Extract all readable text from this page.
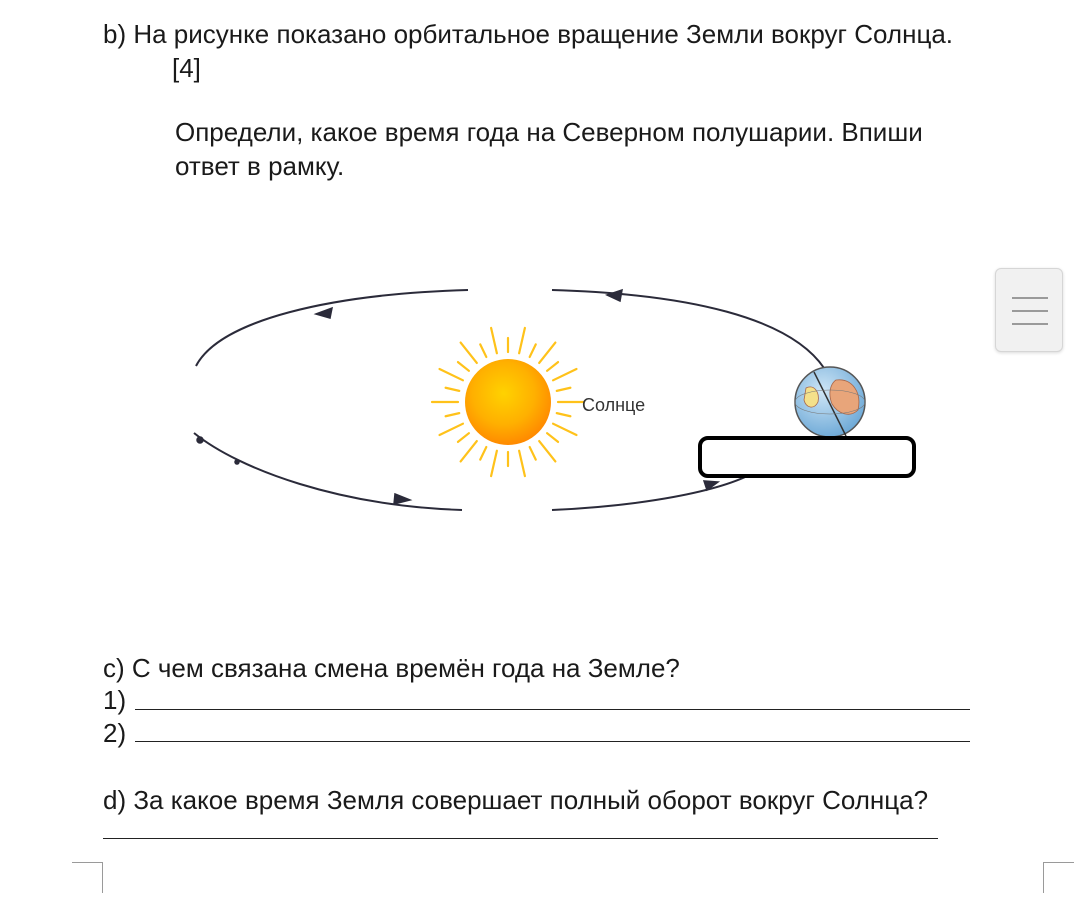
b) На рисунке показано орбитальное вращение Земли вокруг Солнца.
[4]
Определи, какое время года на Северном полушарии. Впиши
ответ в рамку.
Солнце
с) С чем связана смена времён года на Земле?
1)
2)
d) За какое время Земля совершает полный оборот вокруг Солнца?
